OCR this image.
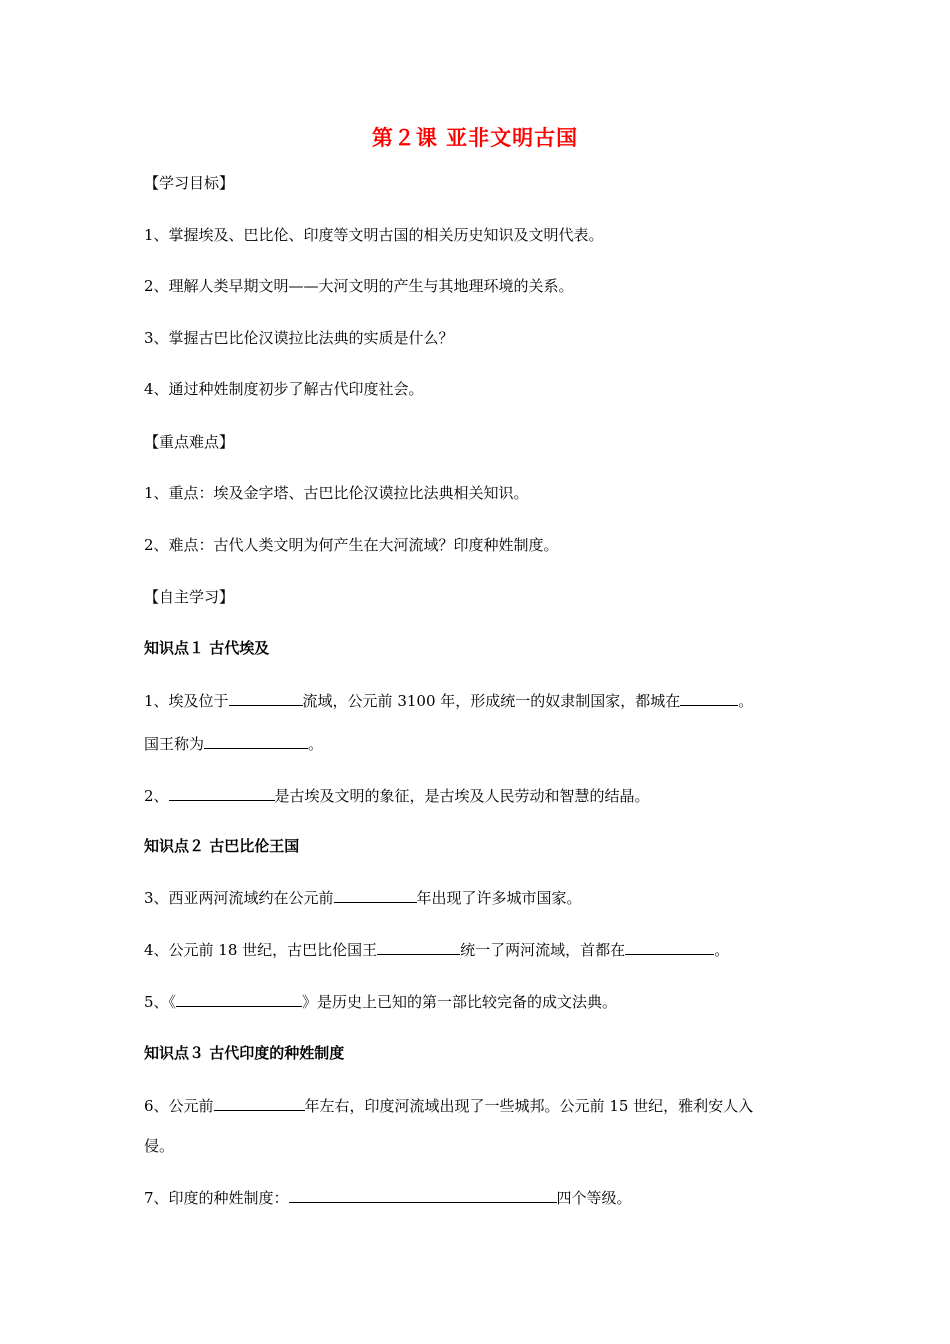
第２课 亚非文明古国
【学习目标】
1、掌握埃及、巴比伦、印度等文明古国的相关历史知识及文明代表。
2、理解人类早期文明——大河文明的产生与其地理环境的关系。
3、掌握古巴比伦汉谟拉比法典的实质是什么？
4、通过种姓制度初步了解古代印度社会。
【重点难点】
1、重点：埃及金字塔、古巴比伦汉谟拉比法典相关知识。
2、难点：古代人类文明为何产生在大河流域？印度种姓制度。
【自主学习】
知识点１ 古代埃及
1、埃及位于	流域，公元前 3100 年，形成统一的奴隶制国家，都城在	。
国王称为	。
2、	是古埃及文明的象征，是古埃及人民劳动和智慧的结晶。
知识点２ 古巴比伦王国
3、西亚两河流域约在公元前	年出现了许多城市国家。
4、公元前 18 世纪，古巴比伦国王	统一了两河流域，首都在	。
5、《	》是历史上已知的第一部比较完备的成文法典。
知识点３ 古代印度的种姓制度
6、公元前	年左右，印度河流域出现了一些城邦。公元前 15 世纪，雅利安人入
侵。
7、印度的种姓制度：	四个等级。
